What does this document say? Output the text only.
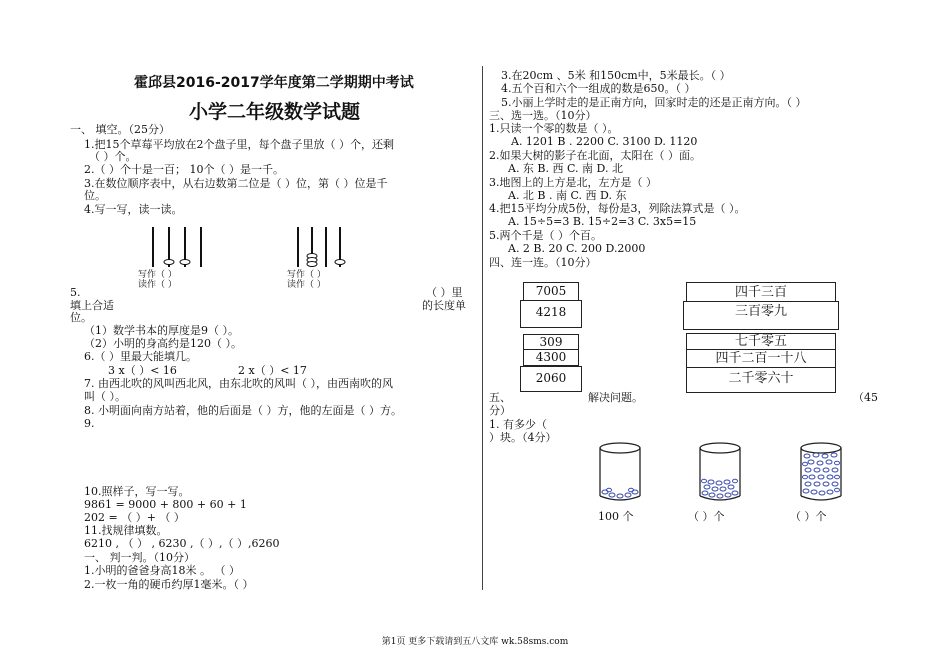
霍邱县2016-2017学年度第二学期期中考试
小学二年级数学试题
一、 填空。（25分）
1.把15个草莓平均放在2个盘子里，每个盘子里放（ ）个，还剩
（ ）个。
2.（ ）个十是一百； 10个（ ）是一千。
3.在数位顺序表中，从右边数第二位是（ ）位，第（ ）位是千
位。
4.写一写，读一读。
写作（ ）
读作（ ）
写作（ ）
读作（ ）
5.	（ ）里
填上合适	的长度单
位。
（1）数学书本的厚度是9（ ）。
（2）小明的身高约是120（ ）。
6.（ ）里最大能填几。
3 x（ ）< 16	2 x（ ）< 17
7. 由西北吹的风叫西北风，由东北吹的风叫（ ），由西南吹的风
叫（ ）。
8. 小明面向南方站着，他的后面是（ ）方，他的左面是（ ）方。
9.
10.照样子，写一写。
9861 = 9000 + 800 + 60 + 1
202 = （ ）+ （ ）
11.找规律填数。
6210 , （ ） , 6230 ,（ ）,（ ）,6260
一、 判一判。（10分）
1.小明的爸爸身高18米 。 （ ）
2.一枚一角的硬币约厚1毫米。（ ）
3.在20cm 、5米 和150cm中，5米最长。（ ）
4.五个百和六个一组成的数是650。（ ）
5.小丽上学时走的是正南方向，回家时走的还是正南方向。（ ）
三、选一选。（10分）
1.只读一个零的数是（ ）。
A. 1201 B . 2200 C. 3100 D. 1120
2.如果大树的影子在北面，太阳在（ ）面。
A. 东 B. 西 C. 南 D. 北
3.地图上的上方是北，左方是（ ）
A. 北 B . 南 C. 西 D. 东
4.把15平均分成5份，每份是3，列除法算式是（ ）。
A. 15÷5=3 B. 15÷2=3 C. 3x5=15
5.两个千是（ ）个百。
A. 2 B. 20 C. 200 D.2000
四、连一连。（10分）
7005
4218
309
4300
2060
四千三百
三百零九
七千零五
四千二百一十八
二千零六十
五、	解决问题。	（45
分）
1. 有多少（
）块。（4分）
100 个	（ ）个	（ ）个
第1页 更多下载请到五八文库 wk.58sms.com
